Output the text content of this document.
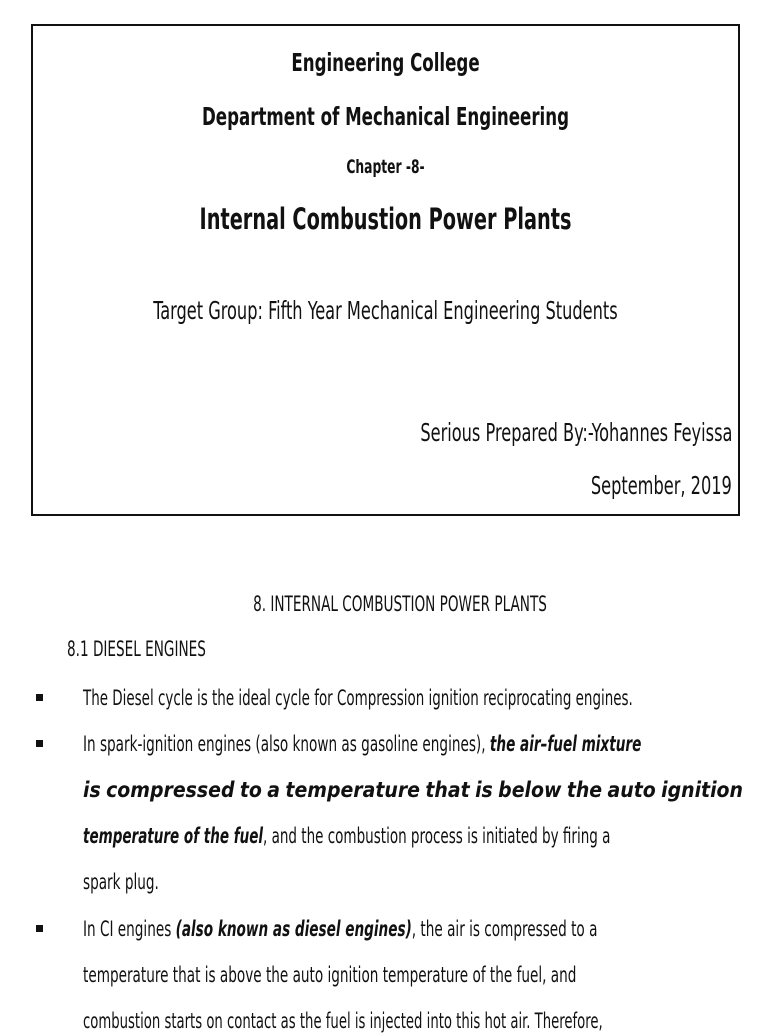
Engineering College
Department of Mechanical Engineering
Chapter -8-
Internal Combustion Power Plants
Target Group: Fifth Year Mechanical Engineering Students
Serious Prepared By:-Yohannes Feyissa
September, 2019
8. INTERNAL COMBUSTION POWER PLANTS
8.1 DIESEL ENGINES
The Diesel cycle is the ideal cycle for Compression ignition reciprocating engines.
In spark-ignition engines (also known as gasoline engines), the air–fuel mixture
is compressed to a temperature that is below the auto ignition
temperature of the fuel, and the combustion process is initiated by firing a
spark plug.
In CI engines (also known as diesel engines), the air is compressed to a
temperature that is above the auto ignition temperature of the fuel, and
combustion starts on contact as the fuel is injected into this hot air. Therefore,
